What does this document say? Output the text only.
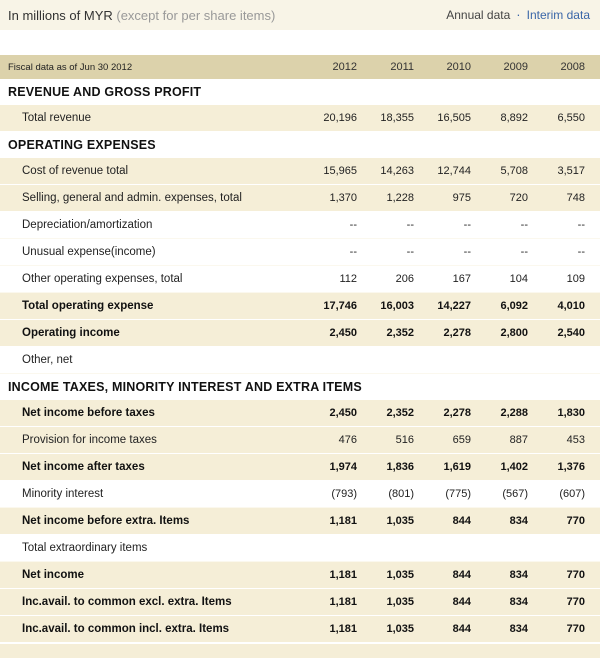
In millions of MYR (except for per share items)	Annual data · Interim data
Fiscal data as of Jun 30 2012	2012	2011	2010	2009	2008
REVENUE AND GROSS PROFIT
Total revenue	20,196	18,355	16,505	8,892	6,550
OPERATING EXPENSES
Cost of revenue total	15,965	14,263	12,744	5,708	3,517
Selling, general and admin. expenses, total	1,370	1,228	975	720	748
Depreciation/amortization	--	--	--	--	--
Unusual expense(income)	--	--	--	--	--
Other operating expenses, total	112	206	167	104	109
Total operating expense	17,746	16,003	14,227	6,092	4,010
Operating income	2,450	2,352	2,278	2,800	2,540
Other, net
INCOME TAXES, MINORITY INTEREST AND EXTRA ITEMS
Net income before taxes	2,450	2,352	2,278	2,288	1,830
Provision for income taxes	476	516	659	887	453
Net income after taxes	1,974	1,836	1,619	1,402	1,376
Minority interest	(793)	(801)	(775)	(567)	(607)
Net income before extra. Items	1,181	1,035	844	834	770
Total extraordinary items
Net income	1,181	1,035	844	834	770
Inc.avail. to common excl. extra. Items	1,181	1,035	844	834	770
Inc.avail. to common incl. extra. Items	1,181	1,035	844	834	770
